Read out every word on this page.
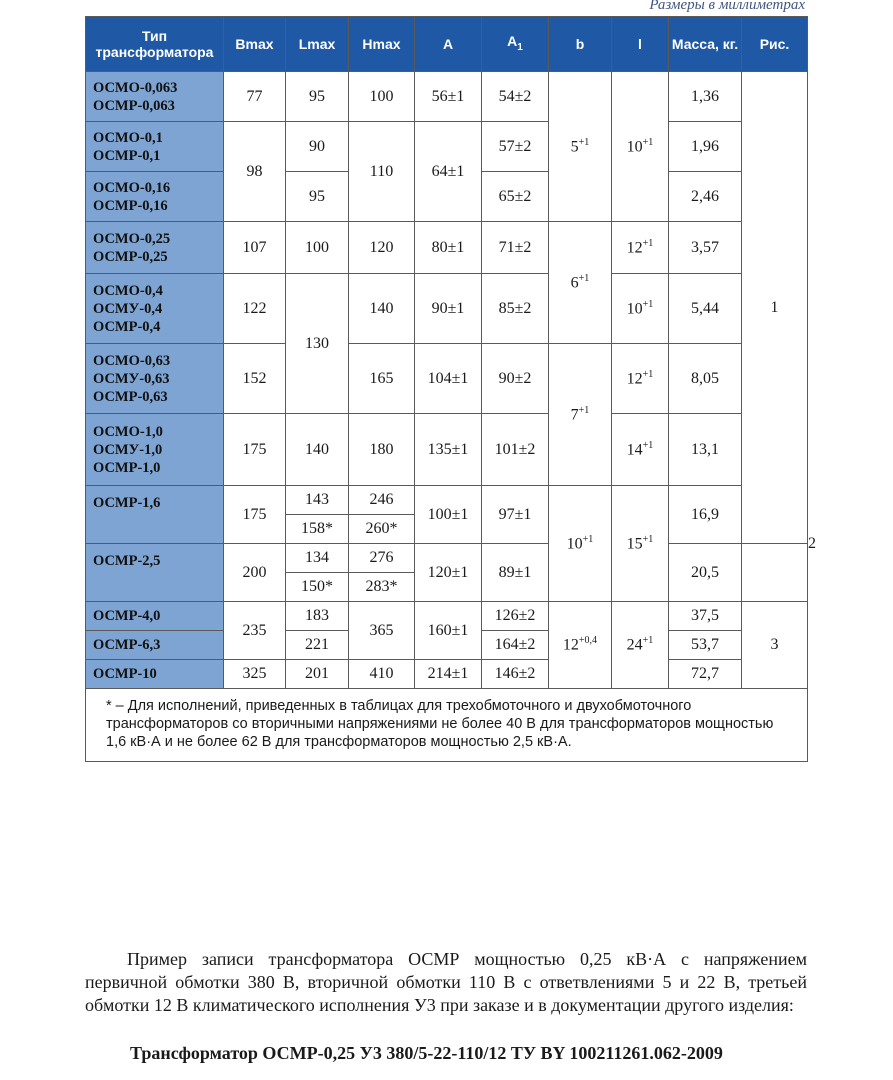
Размеры в миллиметрах
Тип трансформатора	Bmax	Lmax	Hmax	A	$A_1$	b	l	Масса, кг.	Рис.	
ОСМО-0,063 ОСМР-0,063	77	95	100	56±1	54±2	$5^{+1}$	$10^{+1}$	1,36	1	
ОСМО-0,1 ОСМР-0,1	98	90	110	64±1	57±2			1,96		
ОСМО-0,16 ОСМР-0,16		95			65±2			2,46		
ОСМО-0,25 ОСМР-0,25	107	100	120	80±1	71±2	$6^{+1}$	$12^{+1}$	3,57		
ОСМО-0,4 ОСМУ-0,4 ОСМР-0,4	122	130	140	90±1	85±2		$10^{+1}$	5,44		
ОСМО-0,63 ОСМУ-0,63 ОСМР-0,63	152		165	104±1	90±2	$7^{+1}$	$12^{+1}$	8,05		
ОСМО-1,0 ОСМУ-1,0 ОСМР-1,0	175	140	180	135±1	101±2		$14^{+1}$	13,1		
ОСМР-1,6	175	143	246	100±1	97±1	$10^{+1}$	$15^{+1}$	16,9		2
		158*	260*							
ОСМР-2,5	200	134	276	120±1	89±1			20,5		
		150*	283*							
ОСМР-4,0	235	183	365	160±1	126±2	$12^{+0,4}$	$24^{+1}$	37,5	3	
ОСМР-6,3		221			164±2			53,7		
ОСМР-10	325	201	410	214±1	146±2			72,7		
* – Для исполнений, приведенных в таблицах для трехобмоточного и двухобмоточного трансформаторов со вторичными напряжениями не более 40 В для трансформаторов мощностью 1,6 кВ·А и не более 62 В для трансформаторов мощностью 2,5 кВ·А.										

Пример записи трансформатора ОСМР мощностью 0,25 кВ·А с напряжением первичной обмотки 380 В, вторичной обмотки 110 В с ответвлениями 5 и 22 В, третьей обмотки 12 В климатического исполнения У3 при заказе и в документации другого изделия:

Трансформатор ОСМР-0,25 У3 380/5-22-110/12 ТУ BY 100211261.062-2009
